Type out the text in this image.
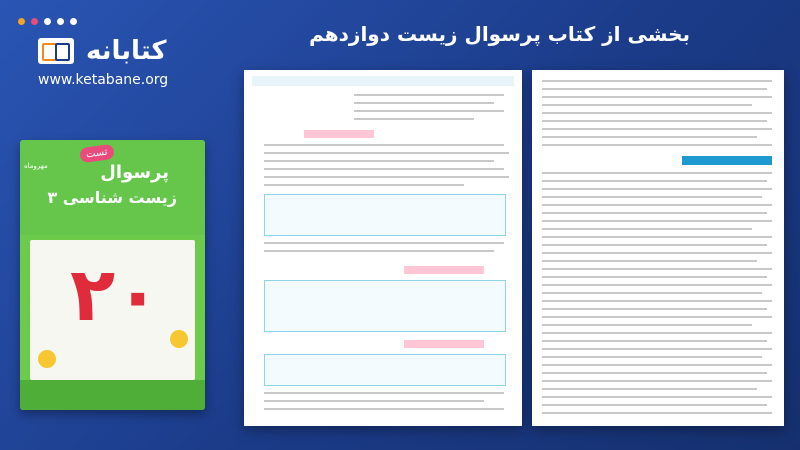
بخشی از کتاب پرسوال زیست دوازدهم
کتابانه
www.ketabane.org
تست
مهروماه	پرسوال
زیست شناسی ۳
۲۰
